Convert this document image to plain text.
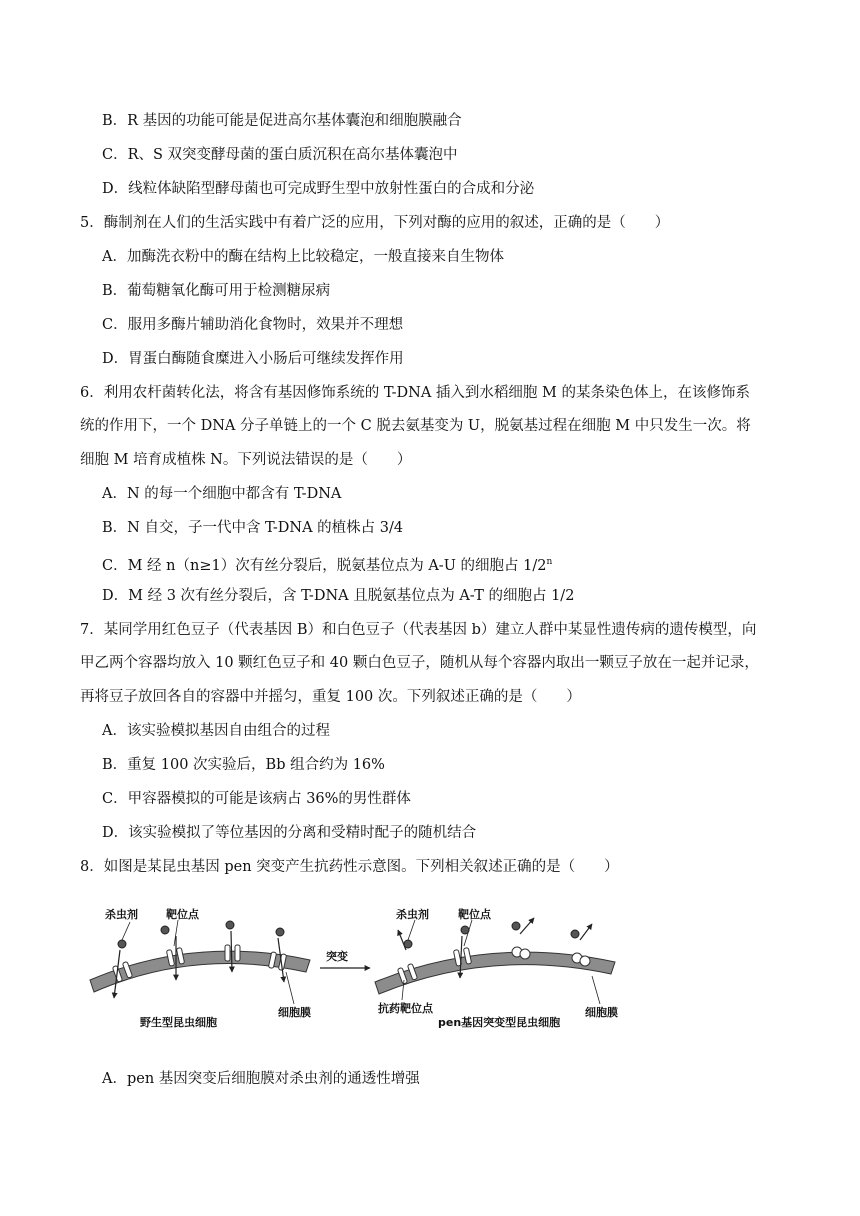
B．R 基因的功能可能是促进高尔基体囊泡和细胞膜融合
C．R、S 双突变酵母菌的蛋白质沉积在高尔基体囊泡中
D．线粒体缺陷型酵母菌也可完成野生型中放射性蛋白的合成和分泌
5．酶制剂在人们的生活实践中有着广泛的应用，下列对酶的应用的叙述，正确的是（　　）
A．加酶洗衣粉中的酶在结构上比较稳定，一般直接来自生物体
B．葡萄糖氧化酶可用于检测糖尿病
C．服用多酶片辅助消化食物时，效果并不理想
D．胃蛋白酶随食糜进入小肠后可继续发挥作用
6．利用农杆菌转化法，将含有基因修饰系统的 T-DNA 插入到水稻细胞 M 的某条染色体上，在该修饰系
统的作用下，一个 DNA 分子单链上的一个 C 脱去氨基变为 U，脱氨基过程在细胞 M 中只发生一次。将
细胞 M 培育成植株 N。下列说法错误的是（　　）
A．N 的每一个细胞中都含有 T-DNA
B．N 自交，子一代中含 T-DNA 的植株占 3/4
C．M 经 n（n≥1）次有丝分裂后，脱氨基位点为 A-U 的细胞占 1/2$^n$
D．M 经 3 次有丝分裂后，含 T-DNA 且脱氨基位点为 A-T 的细胞占 1/2
7．某同学用红色豆子（代表基因 B）和白色豆子（代表基因 b）建立人群中某显性遗传病的遗传模型，向
甲乙两个容器均放入 10 颗红色豆子和 40 颗白色豆子，随机从每个容器内取出一颗豆子放在一起并记录，
再将豆子放回各自的容器中并摇匀，重复 100 次。下列叙述正确的是（　　）
A．该实验模拟基因自由组合的过程
B．重复 100 次实验后，Bb 组合约为 16%
C．甲容器模拟的可能是该病占 36%的男性群体
D．该实验模拟了等位基因的分离和受精时配子的随机结合
8．如图是某昆虫基因 pen 突变产生抗药性示意图。下列相关叙述正确的是（　　）
杀虫剂	靶位点
细胞膜
野生型昆虫细胞
突变
杀虫剂	靶位点
抗药靶位点	细胞膜
pen基因突变型昆虫细胞
A．pen 基因突变后细胞膜对杀虫剂的通透性增强
